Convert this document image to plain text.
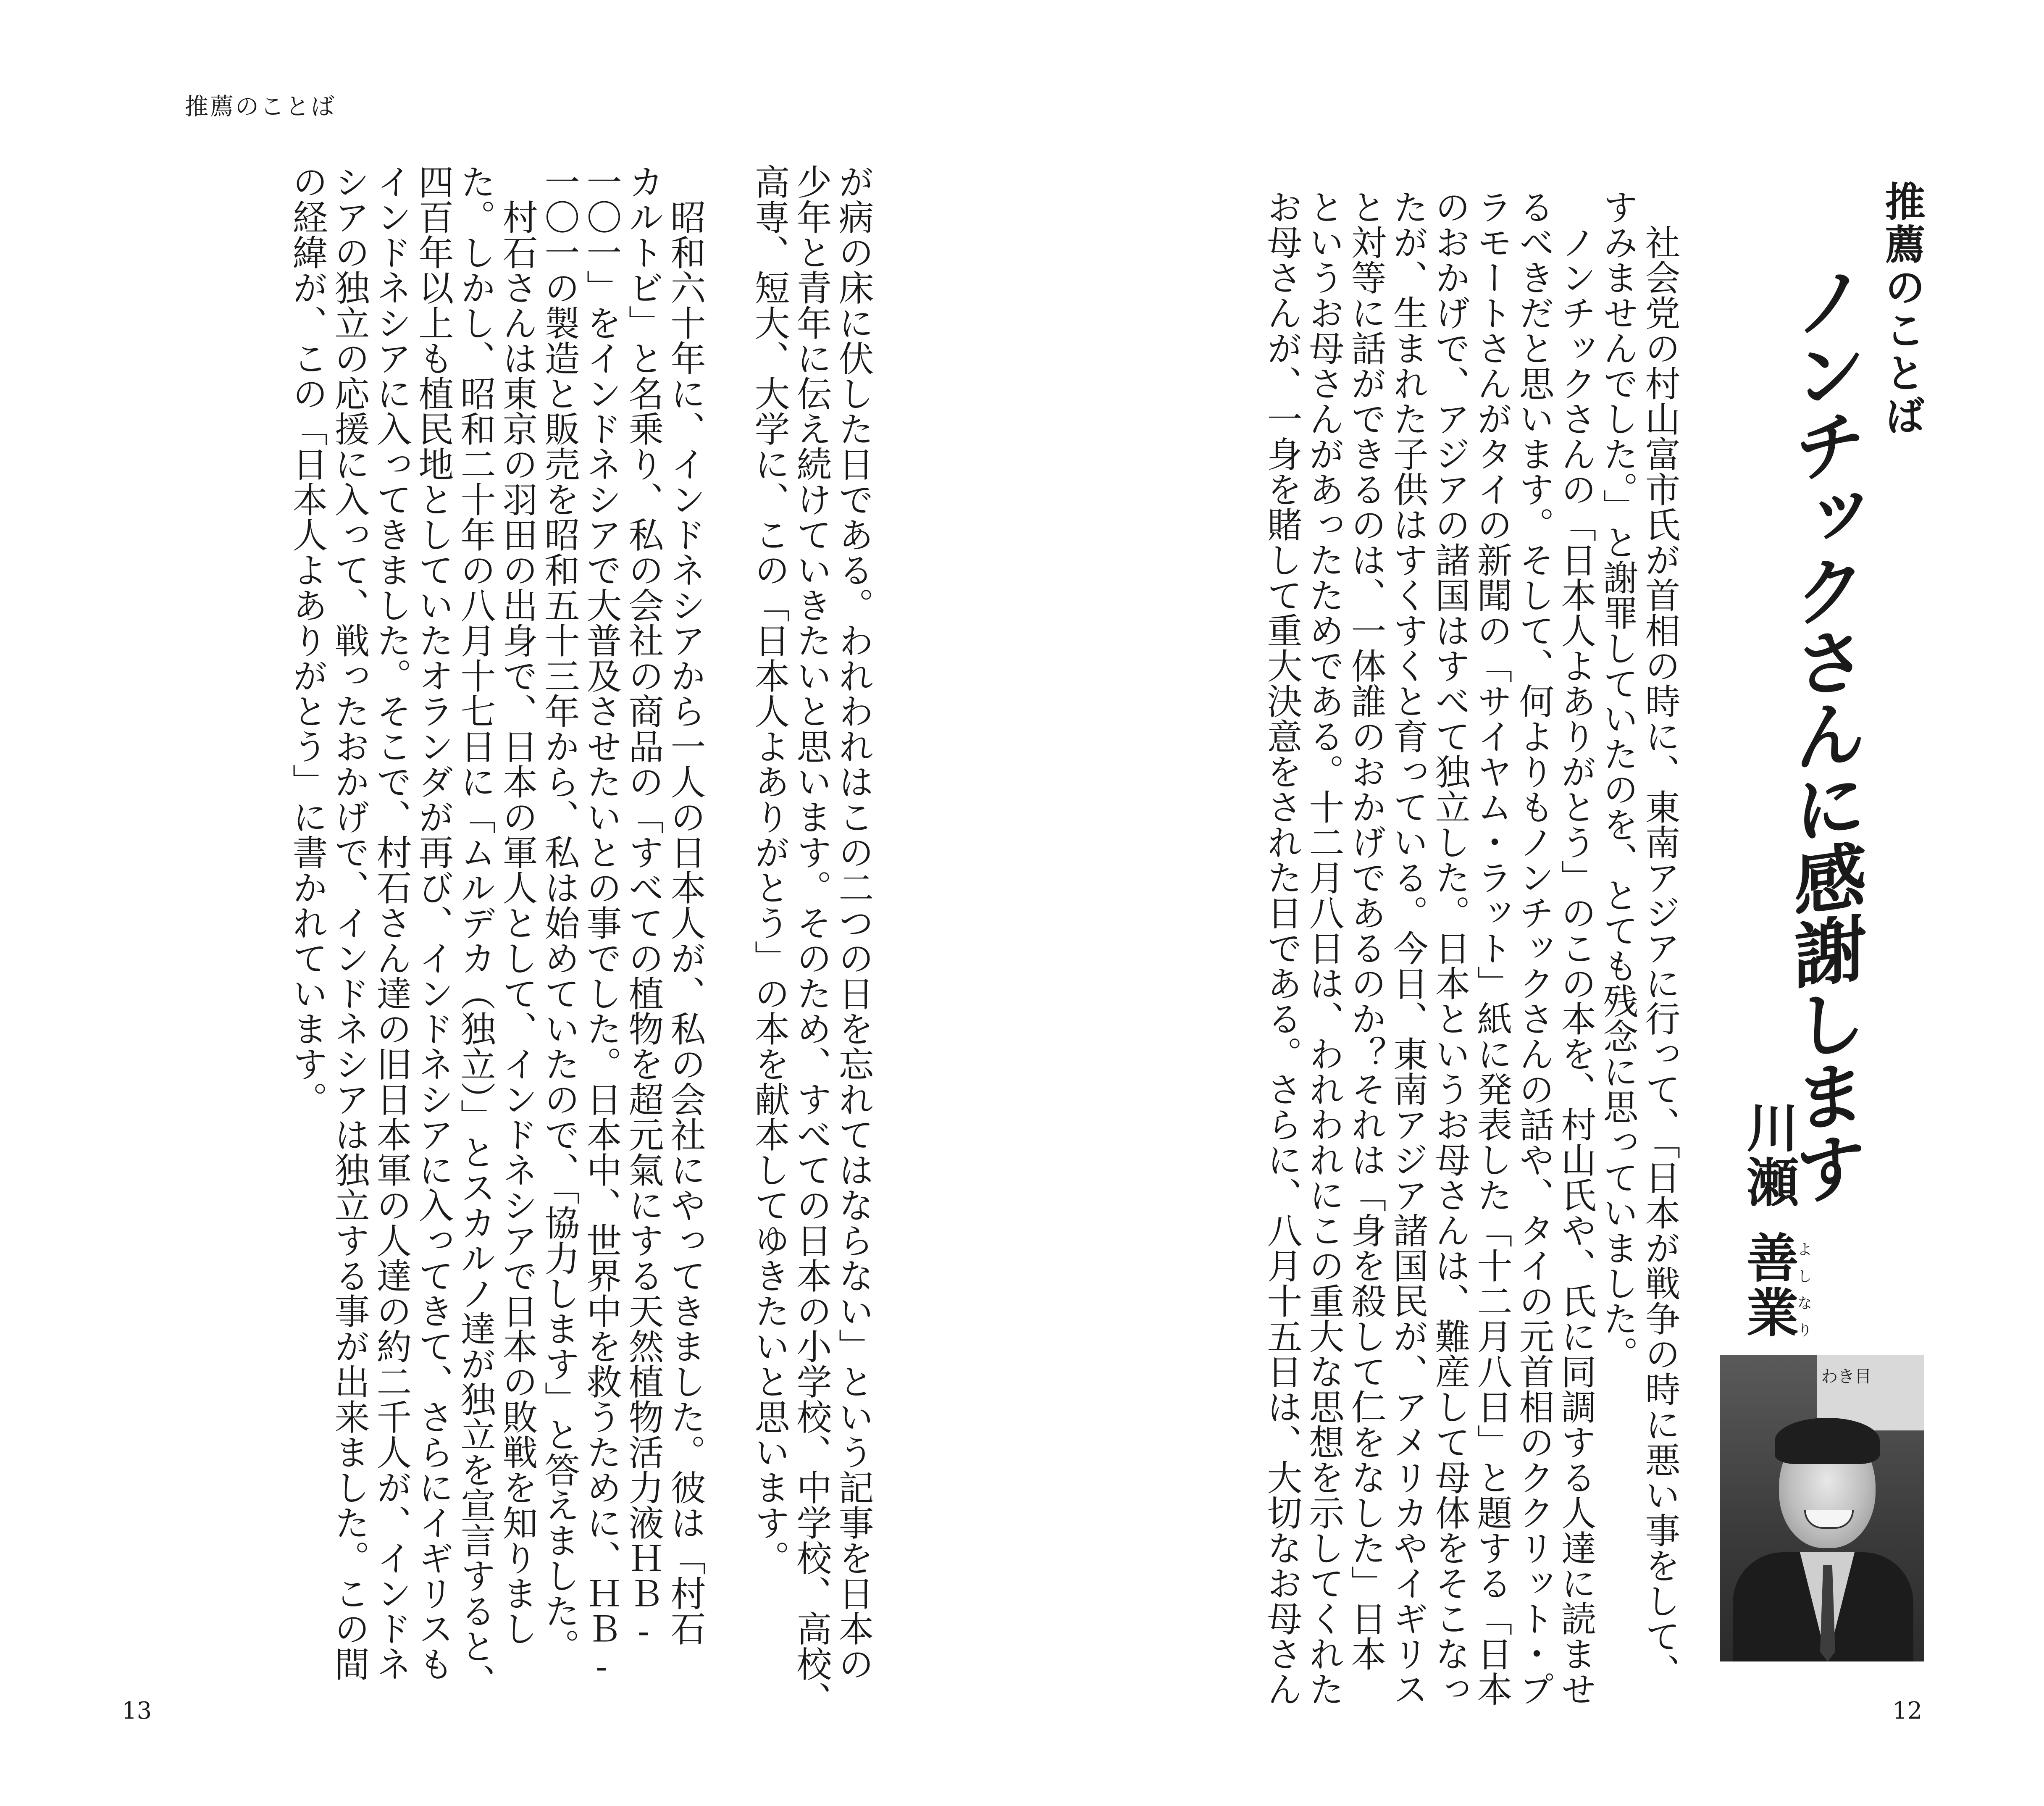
推薦のことば
推薦のことば
ノンチックさんに感謝します
川瀬
善業
よしなり
わき目
　社会党の村山富市氏が首相の時に、東南アジアに行って、「日本が戦争の時に悪い事をして、
すみませんでした。」と謝罪していたのを、とても残念に思っていました。
　ノンチックさんの「日本人よありがとう」のこの本を、村山氏や、氏に同調する人達に読ませ
るべきだと思います。そして、何よりもノンチックさんの話や、タイの元首相のククリット・プ
ラモートさんがタイの新聞の「サイヤム・ラット」紙に発表した「十二月八日」と題する「日本
のおかげで、アジアの諸国はすべて独立した。日本というお母さんは、難産して母体をそこなっ
たが、生まれた子供はすくすくと育っている。今日、東南アジア諸国民が、アメリカやイギリス
と対等に話ができるのは、一体誰のおかげであるのか？それは「身を殺して仁をなした」日本
というお母さんがあったためである。十二月八日は、われわれにこの重大な思想を示してくれた
お母さんが、一身を賭して重大決意をされた日である。さらに、八月十五日は、大切なお母さん
が病の床に伏した日である。われわれはこの二つの日を忘れてはならない」という記事を日本の
少年と青年に伝え続けていきたいと思います。そのため、すべての日本の小学校、中学校、高校、
高専、短大、大学に、この「日本人よありがとう」の本を献本してゆきたいと思います。
　昭和六十年に、インドネシアから一人の日本人が、私の会社にやってきました。彼は「村石
カルトビ」と名乗り、私の会社の商品の「すべての植物を超元氣にする天然植物活力液ＨＢ‐
一〇一」をインドネシアで大普及させたいとの事でした。日本中、世界中を救うために、ＨＢ‐
一〇一の製造と販売を昭和五十三年から、私は始めていたので、「協力します」と答えました。
　村石さんは東京の羽田の出身で、日本の軍人として、インドネシアで日本の敗戦を知りまし
た。しかし、昭和二十年の八月十七日に「ムルデカ（独立）」とスカルノ達が独立を宣言すると、
四百年以上も植民地としていたオランダが再び、インドネシアに入ってきて、さらにイギリスも
インドネシアに入ってきました。そこで、村石さん達の旧日本軍の人達の約二千人が、インドネ
シアの独立の応援に入って、戦ったおかげで、インドネシアは独立する事が出来ました。この間
の経緯が、この「日本人よありがとう」に書かれています。
13	12
